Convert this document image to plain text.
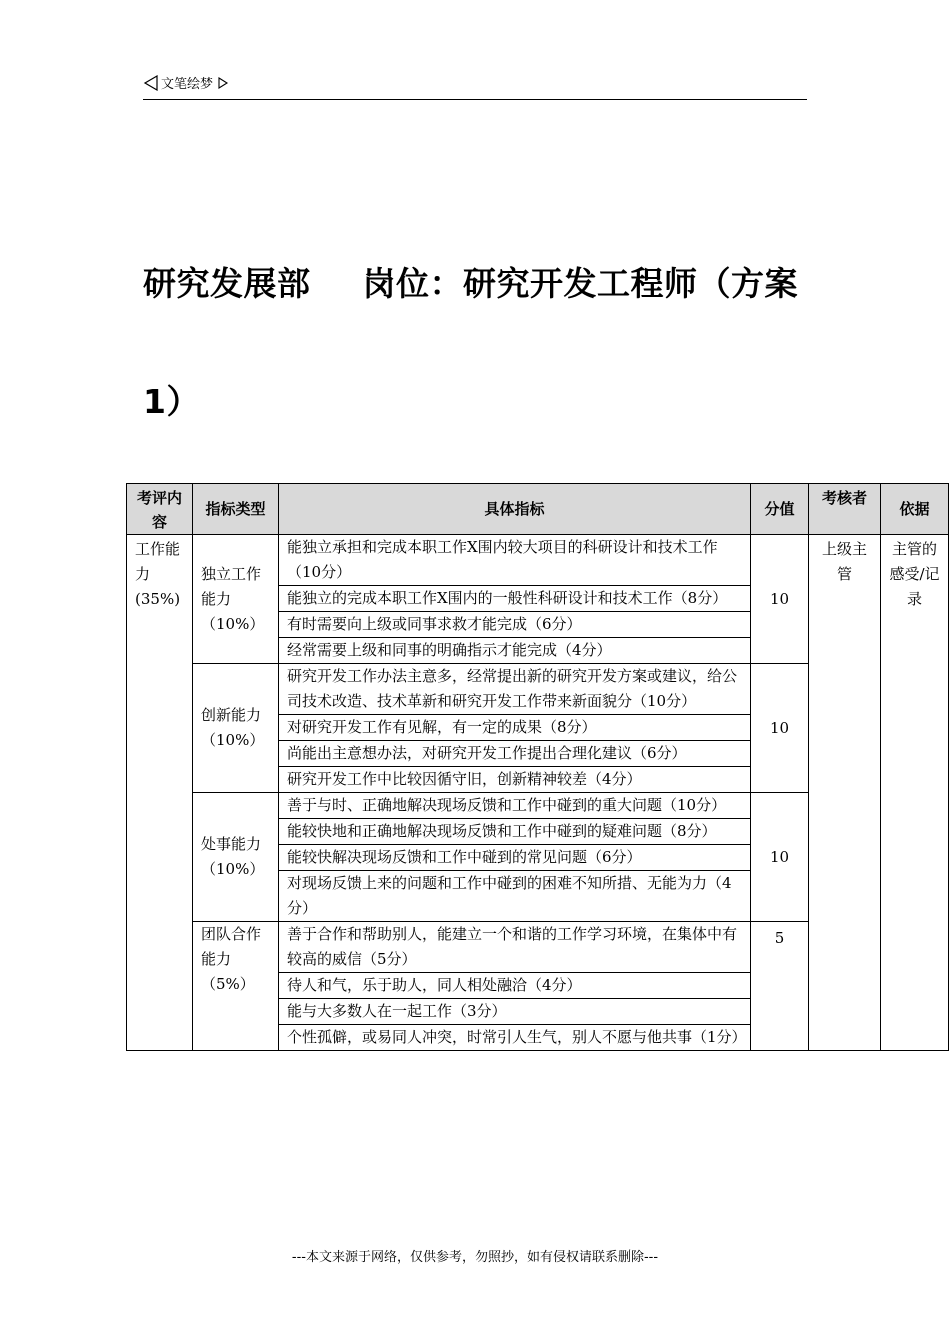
文笔绘梦
研究发展部 岗位：研究开发工程师（方案1）
考评内容	指标类型	具体指标	分值	考核者	依据
工作能力(35%)	独立工作能力（10%）	能独立承担和完成本职工作X围内较大项目的科研设计和技术工作（10分）	10	上级主管	主管的感受/记录
		能独立的完成本职工作X围内的一般性科研设计和技术工作（8分）			
		有时需要向上级或同事求救才能完成（6分）			
		经常需要上级和同事的明确指示才能完成（4分）			
	创新能力（10%）	研究开发工作办法主意多，经常提出新的研究开发方案或建议，给公司技术改造、技术革新和研究开发工作带来新面貌分（10分）	10		
		对研究开发工作有见解，有一定的成果（8分）			
		尚能出主意想办法，对研究开发工作提出合理化建议（6分）			
		研究开发工作中比较因循守旧，创新精神较差（4分）			
	处事能力（10%）	善于与时、正确地解决现场反馈和工作中碰到的重大问题（10分）	10		
		能较快地和正确地解决现场反馈和工作中碰到的疑难问题（8分）			
		能较快解决现场反馈和工作中碰到的常见问题（6分）			
		对现场反馈上来的问题和工作中碰到的困难不知所措、无能为力（4分）			
	团队合作能力（5%）	善于合作和帮助别人，能建立一个和谐的工作学习环境，在集体中有较高的威信（5分）	5		
		待人和气，乐于助人，同人相处融洽（4分）			
		能与大多数人在一起工作（3分）			
		个性孤僻，或易同人冲突，时常引人生气，别人不愿与他共事（1分）			
---本文来源于网络，仅供参考，勿照抄，如有侵权请联系删除---
